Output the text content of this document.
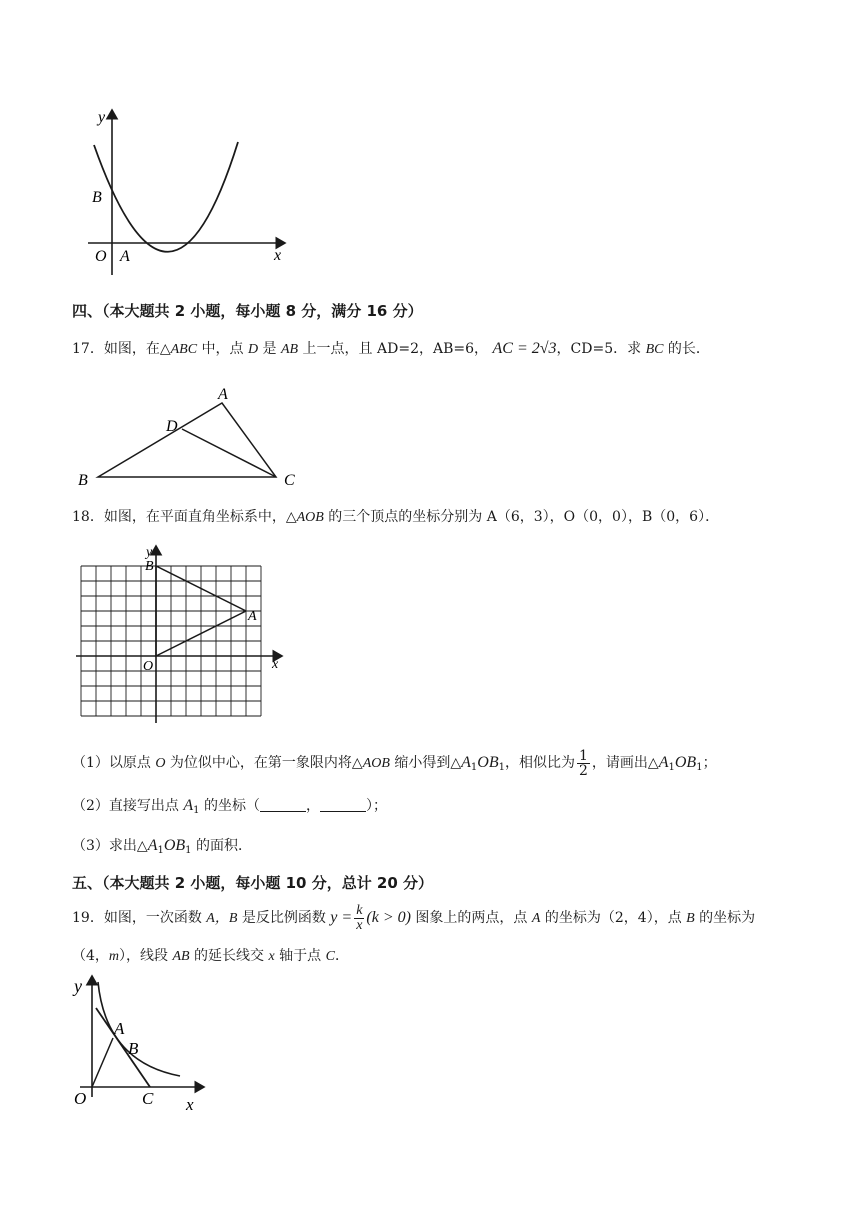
y
x
O A
B
四、（本大题共 2 小题，每小题 8 分，满分 16 分）
17．如图，在△ABC 中，点 D 是 AB 上一点，且 AD=2，AB=6， AC = 2√3，CD=5．求 BC 的长．
A
B	C
D
18．如图，在平面直角坐标系中，△AOB 的三个顶点的坐标分别为 A（6，3），O（0，0），B（0，6）．
y
x
O
A
B
（1）以原点 O 为位似中心，在第一象限内将△AOB 缩小得到$\triangle A_1OB_1$，相似比为 $\frac{1}{2}$ ，请画出$\triangle A_1OB_1$；
（2）直接写出点 $A_1$ 的坐标（	，	）；
（3）求出$\triangle A_1OB_1$ 的面积．
五、（本大题共 2 小题，每小题 10 分，总计 20 分）
19．如图，一次函数 A，B 是反比例函数 $y = \frac{k}{x} (k > 0)$ 图象上的两点，点 A 的坐标为（2，4），点 B 的坐标为
（4，m），线段 AB 的延长线交 x 轴于点 C．
y
x
O
A
B
C
